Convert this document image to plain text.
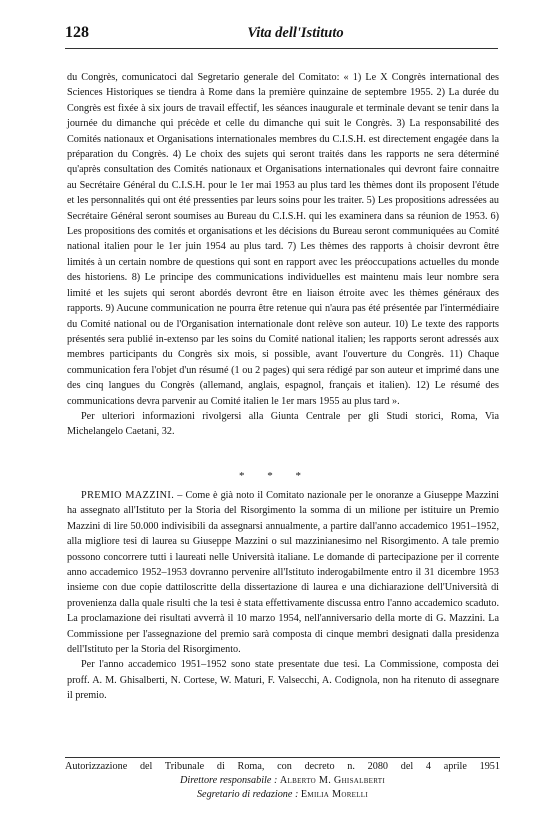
128	Vita dell'Istituto

du Congrès, comunicatoci dal Segretario generale del Comitato: « 1) Le X Congrès international des Sciences Historiques se tiendra à Rome dans la première quinzaine de septembre 1955. 2) La durée du Congrès est fixée à six jours de travail effectif, les séances inaugurale et terminale devant se tenir dans la journée du dimanche qui précède et celle du dimanche qui suit le Congrès. 3) La responsabilité des Comités nationaux et Organisations internationales membres du C.I.S.H. est directement engagée dans la préparation du Congrès. 4) Le choix des sujets qui seront traités dans les rapports ne sera déterminé qu'après consultation des Comités nationaux et Organisations internationales qui devront faire connaitre au Secrétaire Général du C.I.S.H. pour le 1er mai 1953 au plus tard les thèmes dont ils proposent l'étude et les personnalités qui ont été pressenties par leurs soins pour les traiter. 5) Les propositions adressées au Secrétaire Général seront soumises au Bureau du C.I.S.H. qui les examinera dans sa réunion de 1953. 6) Les propositions des comités et organisations et les décisions du Bureau seront communiquées au Comité national italien pour le 1er juin 1954 au plus tard. 7) Les thèmes des rapports à choisir devront être limités à un certain nombre de questions qui sont en rapport avec les préoccupations actuelles du monde des historiens. 8) Le principe des communications individuelles est maintenu mais leur nombre sera limité et les sujets qui seront abordés devront être en liaison étroite avec les thèmes généraux des rapports. 9) Aucune communication ne pourra être retenue qui n'aura pas été présentée par l'intermédiaire du Comité national ou de l'Organisation internationale dont relève son auteur. 10) Le texte des rapports présentés sera publié in-extenso par les soins du Comité national italien; les rapports seront adressés aux membres participants du Congrès six mois, si possible, avant l'ouverture du Congrès. 11) Chaque communication fera l'objet d'un résumé (1 ou 2 pages) qui sera rédigé par son auteur et imprimé dans une des cinq langues du Congrès (allemand, anglais, espagnol, français et italien). 12) Le résumé des communications devra parvenir au Comité italien le 1er mars 1955 au plus tard ».

Per ulteriori informazioni rivolgersi alla Giunta Centrale per gli Studi storici, Roma, Via Michelangelo Caetani, 32.

* * *

PREMIO MAZZINI. – Come è già noto il Comitato nazionale per le onoranze a Giuseppe Mazzini ha assegnato all'Istituto per la Storia del Risorgimento la somma di un milione per istituire un Premio Mazzini di lire 50.000 indivisibili da assegnarsi annualmente, a partire dall'anno accademico 1951–1952, alla migliore tesi di laurea su Giuseppe Mazzini o sul mazzinianesimo nel Risorgimento. A tale premio possono concorrere tutti i laureati nelle Università italiane. Le domande di partecipazione per il corrente anno accademico 1952–1953 dovranno pervenire all'Istituto inderogabilmente entro il 31 dicembre 1953 insieme con due copie dattiloscritte della dissertazione di laurea e una dichiarazione dell'Università di provenienza dalla quale risulti che la tesi è stata effettivamente discussa entro l'anno accademico scaduto. La proclamazione dei risultati avverrà il 10 marzo 1954, nell'anniversario della morte di G. Mazzini. La Commissione per l'assegnazione del premio sarà composta di cinque membri designati dalla presidenza dell'Istituto per la Storia del Risorgimento.

Per l'anno accademico 1951–1952 sono state presentate due tesi. La Commissione, composta dei proff. A. M. Ghisalberti, N. Cortese, W. Maturi, F. Valsecchi, A. Codignola, non ha ritenuto di assegnare il premio.

Autorizzazione del Tribunale di Roma, con decreto n. 2080 del 4 aprile 1951
Direttore responsabile : Alberto M. Ghisalberti
Segretario di redazione : Emilia Morelli
